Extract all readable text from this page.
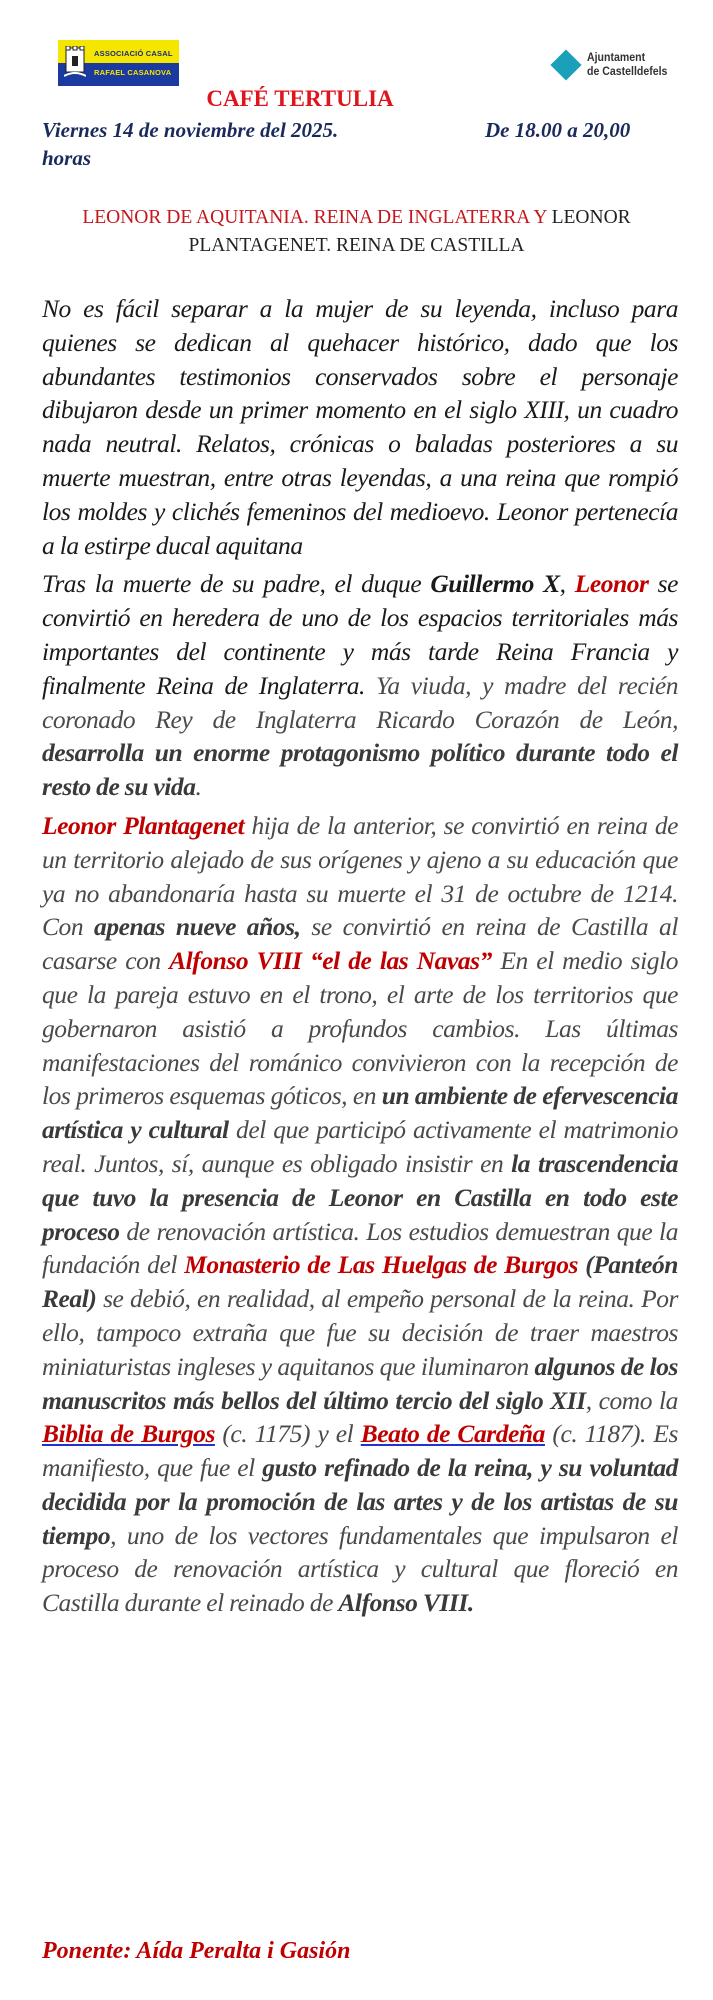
ASSOCIACIÓ CASAL
RAFAEL CASANOVA
Ajuntament
de Castelldefels
CAFÉ TERTULIA
Viernes 14 de noviembre del 2025.	De 18.00 a 20,00
horas
LEONOR DE AQUITANIA. REINA DE INGLATERRA Y LEONOR PLANTAGENET. REINA DE CASTILLA

No es fácil separar a la mujer de su leyenda, incluso para quienes se dedican al quehacer histórico, dado que los abundantes testimonios conservados sobre el personaje dibujaron desde un primer momento en el siglo XIII, un cuadro nada neutral. Relatos, crónicas o baladas posteriores a su muerte muestran, entre otras leyendas, a una reina que rompió los moldes y clichés femeninos del medioevo. Leonor pertenecía a la estirpe ducal aquitana

Tras la muerte de su padre, el duque Guillermo X, Leonor se convirtió en heredera de uno de los espacios territoriales más importantes del continente y más tarde Reina Francia y finalmente Reina de Inglaterra. Ya viuda, y madre del recién coronado Rey de Inglaterra Ricardo Corazón de León, desarrolla un enorme protagonismo político durante todo el resto de su vida.

Leonor Plantagenet hija de la anterior, se convirtió en reina de un territorio alejado de sus orígenes y ajeno a su educación que ya no abandonaría hasta su muerte el 31 de octubre de 1214. Con apenas nueve años, se convirtió en reina de Castilla al casarse con Alfonso VIII “el de las Navas” En el medio siglo que la pareja estuvo en el trono, el arte de los territorios que gobernaron asistió a profundos cambios. Las últimas manifestaciones del románico convivieron con la recepción de los primeros esquemas góticos, en un ambiente de efervescencia artística y cultural del que participó activamente el matrimonio real. Juntos, sí, aunque es obligado insistir en la trascendencia que tuvo la presencia de Leonor en Castilla en todo este proceso de renovación artística. Los estudios demuestran que la fundación del Monasterio de Las Huelgas de Burgos (Panteón Real) se debió, en realidad, al empeño personal de la reina. Por ello, tampoco extraña que fue su decisión de traer maestros miniaturistas ingleses y aquitanos que iluminaron algunos de los manuscritos más bellos del último tercio del siglo XII, como la Biblia de Burgos (c. 1175) y el Beato de Cardeña (c. 1187). Es manifiesto, que fue el gusto refinado de la reina, y su voluntad decidida por la promoción de las artes y de los artistas de su tiempo, uno de los vectores fundamentales que impulsaron el proceso de renovación artística y cultural que floreció en Castilla durante el reinado de Alfonso VIII.

Ponente: Aída Peralta i Gasión
